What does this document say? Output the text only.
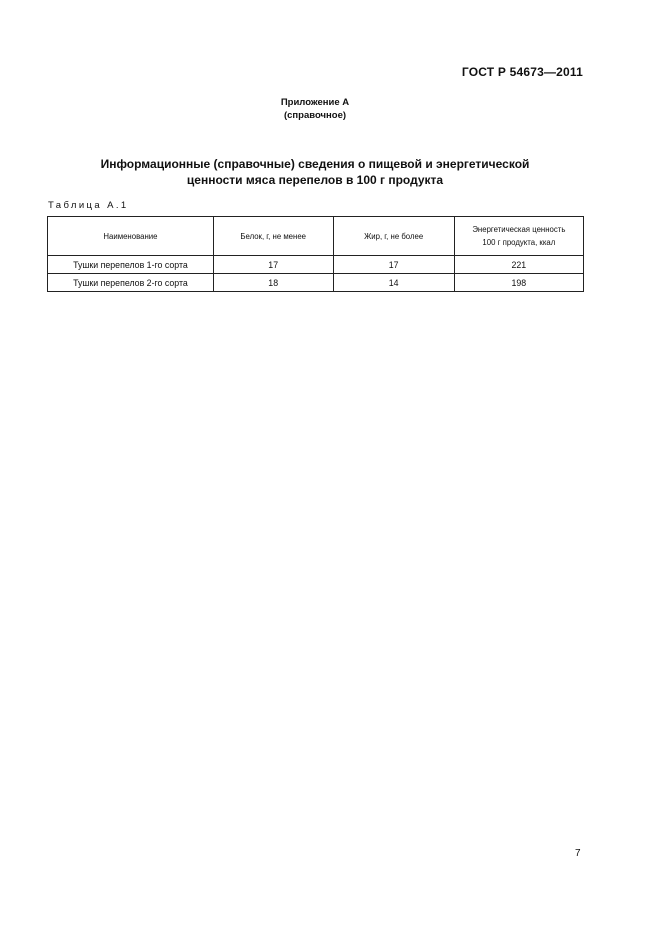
ГОСТ Р 54673—2011
Приложение А
(справочное)
Информационные (справочные) сведения о пищевой и энергетической
ценности мяса перепелов в 100 г продукта
Таблица А.1
Наименование	Белок, г, не менее	Жир, г, не более	Энергетическая ценность
100 г продукта, ккал

Тушки перепелов 1-го сорта	17	17	221
Тушки перепелов 2-го сорта	18	14	198
7
